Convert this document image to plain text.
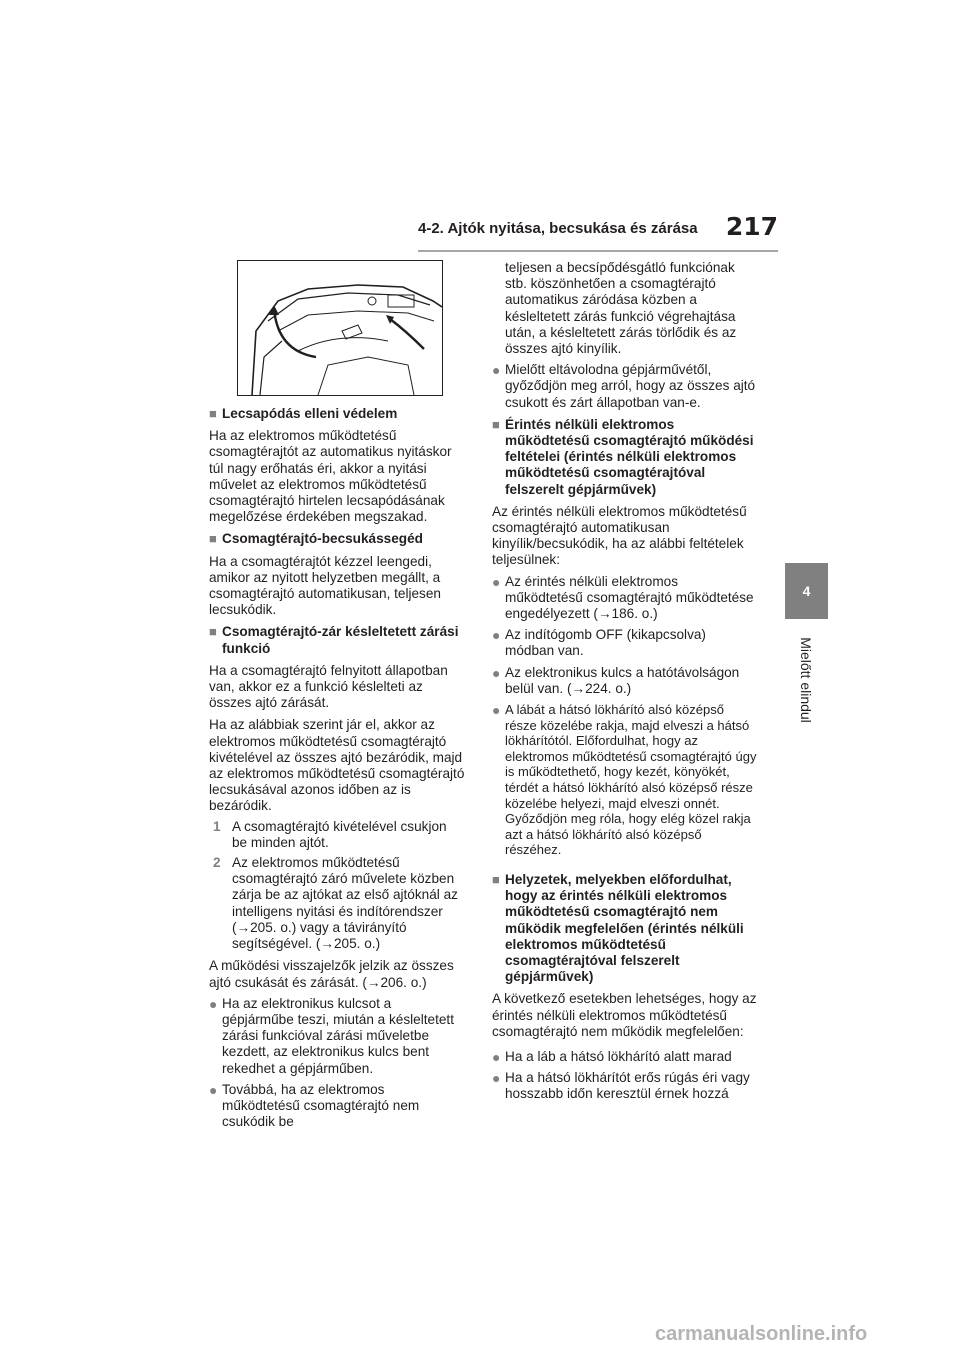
4-2. Ajtók nyitása, becsukása és zárása 217
4
Mielőtt elindul
■ Lecsapódás elleni védelem
Ha az elektromos működtetésű csomagtérajtót az automatikus nyitáskor túl nagy erőhatás éri, akkor a nyitási művelet az elektromos működtetésű csomagtérajtó hirtelen lecsapódásának megelőzése érdekében megszakad.
■ Csomagtérajtó-becsukássegéd
Ha a csomagtérajtót kézzel leengedi, amikor az nyitott helyzetben megállt, a csomagtérajtó automatikusan, teljesen lecsukódik.
■ Csomagtérajtó-zár késleltetett zárási funkció
Ha a csomagtérajtó felnyitott állapotban van, akkor ez a funkció késlelteti az összes ajtó zárását.
Ha az alábbiak szerint jár el, akkor az elektromos működtetésű csomagtérajtó kivételével az összes ajtó bezáródik, majd az elektromos működtetésű csomagtérajtó lecsukásával azonos időben az is bezáródik.
1 A csomagtérajtó kivételével csukjon be minden ajtót.
2 Az elektromos működtetésű csomagtérajtó záró művelete közben zárja be az ajtókat az első ajtóknál az intelligens nyitási és indítórendszer (→205. o.) vagy a távirányító segítségével. (→205. o.)
A működési visszajelzők jelzik az összes ajtó csukását és zárását. (→206. o.)
● Ha az elektronikus kulcsot a gépjárműbe teszi, miután a késleltetett zárási funkcióval zárási műveletbe kezdett, az elektronikus kulcs bent rekedhet a gépjárműben.
● Továbbá, ha az elektromos működtetésű csomagtérajtó nem csukódik be
teljesen a becsípődésgátló funkciónak stb. köszönhetően a csomagtérajtó automatikus záródása közben a késleltetett zárás funkció végrehajtása után, a késleltetett zárás törlődik és az összes ajtó kinyílik.
● Mielőtt eltávolodna gépjárművétől, győződjön meg arról, hogy az összes ajtó csukott és zárt állapotban van-e.
■ Érintés nélküli elektromos működtetésű csomagtérajtó működési feltételei (érintés nélküli elektromos működtetésű csomagtérajtóval felszerelt gépjárművek)
Az érintés nélküli elektromos működtetésű csomagtérajtó automatikusan kinyílik/becsukódik, ha az alábbi feltételek teljesülnek:
● Az érintés nélküli elektromos működtetésű csomagtérajtó működtetése engedélyezett (→186. o.)
● Az indítógomb OFF (kikapcsolva) módban van.
● Az elektronikus kulcs a hatótávolságon belül van. (→224. o.)
● A lábát a hátsó lökhárító alsó középső része közelébe rakja, majd elveszi a hátsó lökhárítótól. Előfordulhat, hogy az elektromos működtetésű csomagtérajtó úgy is működtethető, hogy kezét, könyökét, térdét a hátsó lökhárító alsó középső része közelébe helyezi, majd elveszi onnét. Győződjön meg róla, hogy elég közel rakja azt a hátsó lökhárító alsó középső részéhez.
■ Helyzetek, melyekben előfordulhat, hogy az érintés nélküli elektromos működtetésű csomagtérajtó nem működik megfelelően (érintés nélküli elektromos működtetésű csomagtérajtóval felszerelt gépjárművek)
A következő esetekben lehetséges, hogy az érintés nélküli elektromos működtetésű csomagtérajtó nem működik megfelelően:
● Ha a láb a hátsó lökhárító alatt marad
● Ha a hátsó lökhárítót erős rúgás éri vagy hosszabb időn keresztül érnek hozzá
carmanualsonline.info
